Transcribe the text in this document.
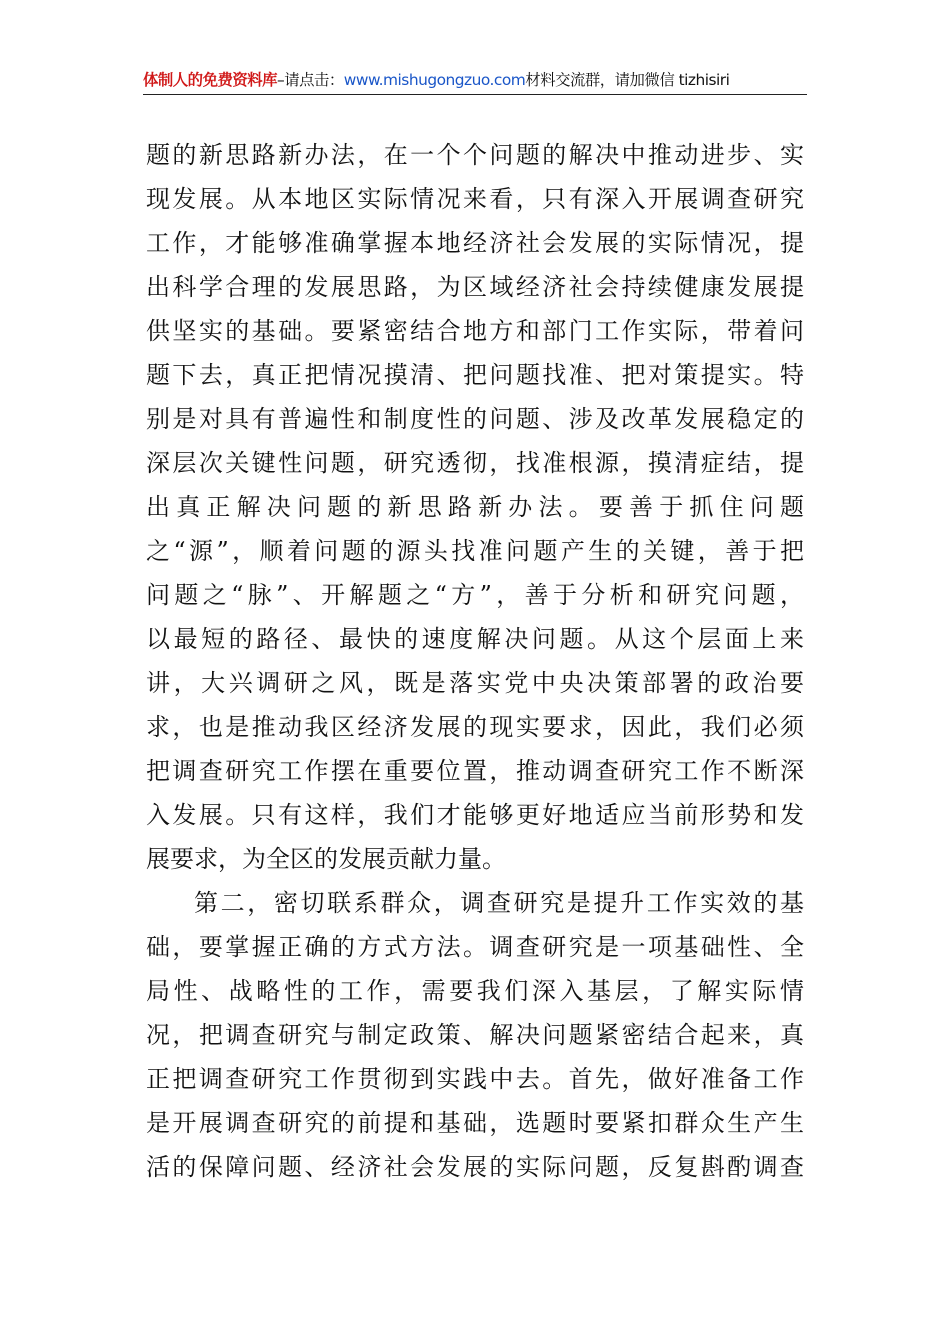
体制人的免费资料库–请点击：www.mishugongzuo.com材料交流群，请加微信 tizhisiri
题的新思路新办法，在一个个问题的解决中推动进步、实
现发展。从本地区实际情况来看，只有深入开展调查研究
工作，才能够准确掌握本地经济社会发展的实际情况，提
出科学合理的发展思路，为区域经济社会持续健康发展提
供坚实的基础。要紧密结合地方和部门工作实际，带着问
题下去，真正把情况摸清、把问题找准、把对策提实。特
别是对具有普遍性和制度性的问题、涉及改革发展稳定的
深层次关键性问题，研究透彻，找准根源，摸清症结，提
出真正解决问题的新思路新办法。要善于抓住问题
之“源”，顺着问题的源头找准问题产生的关键，善于把
问题之“脉”、开解题之“方”，善于分析和研究问题，
以最短的路径、最快的速度解决问题。从这个层面上来
讲，大兴调研之风，既是落实党中央决策部署的政治要
求，也是推动我区经济发展的现实要求，因此，我们必须
把调查研究工作摆在重要位置，推动调查研究工作不断深
入发展。只有这样，我们才能够更好地适应当前形势和发
展要求，为全区的发展贡献力量。
第二，密切联系群众，调查研究是提升工作实效的基
础，要掌握正确的方式方法。调查研究是一项基础性、全
局性、战略性的工作，需要我们深入基层，了解实际情
况，把调查研究与制定政策、解决问题紧密结合起来，真
正把调查研究工作贯彻到实践中去。首先，做好准备工作
是开展调查研究的前提和基础，选题时要紧扣群众生产生
活的保障问题、经济社会发展的实际问题，反复斟酌调查
